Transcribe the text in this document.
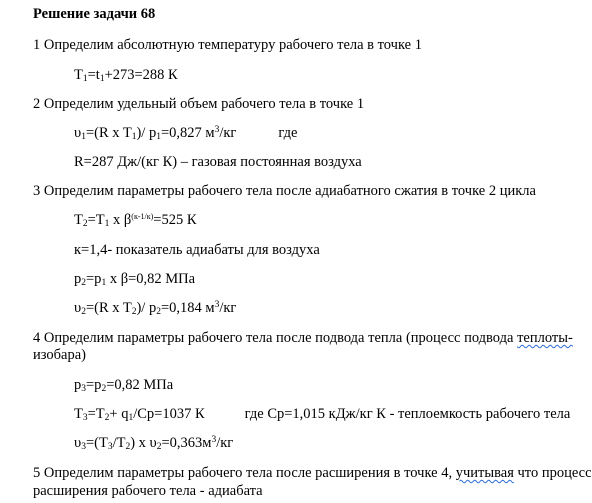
Решение задачи 68
1 Определим абсолютную температуру рабочего тела в точке 1
$T_1=t_1+273=288$ К
2 Определим удельный объем рабочего тела в точке 1
$\upsilon_1=(R$ x $T_1)/$ $p_1=0,827$ $м^3/кг$	где
R=287 Дж/(кг К) – газовая постоянная воздуха
3 Определим параметры рабочего тела после адиабатного сжатия в точке 2 цикла
$T_2=T_1$ x $\beta^{(к-1/к)}=525$ К
к=1,4- показатель адиабаты для воздуха
$p_2=p_1$ x β=0,82 МПа
$\upsilon_2=(R$ x $T_2)/$ $p_2=0,184$ $м^3/кг$
4 Определим параметры рабочего тела после подвода тепла (процесс подвода теплоты-
изобара)
$p_3=p_2=0,82$ МПа
$T_3=T_2+ q_1/Cp=1037$ К	где Ср=1,015 кДж/кг К - теплоемкость рабочего тела
$\upsilon_3=(T_3/T_2)$ x $\upsilon_2=0,363м^3/кг$
5 Определим параметры рабочего тела после расширения в точке 4, учитывая что процесс
расширения рабочего тела - адиабата
